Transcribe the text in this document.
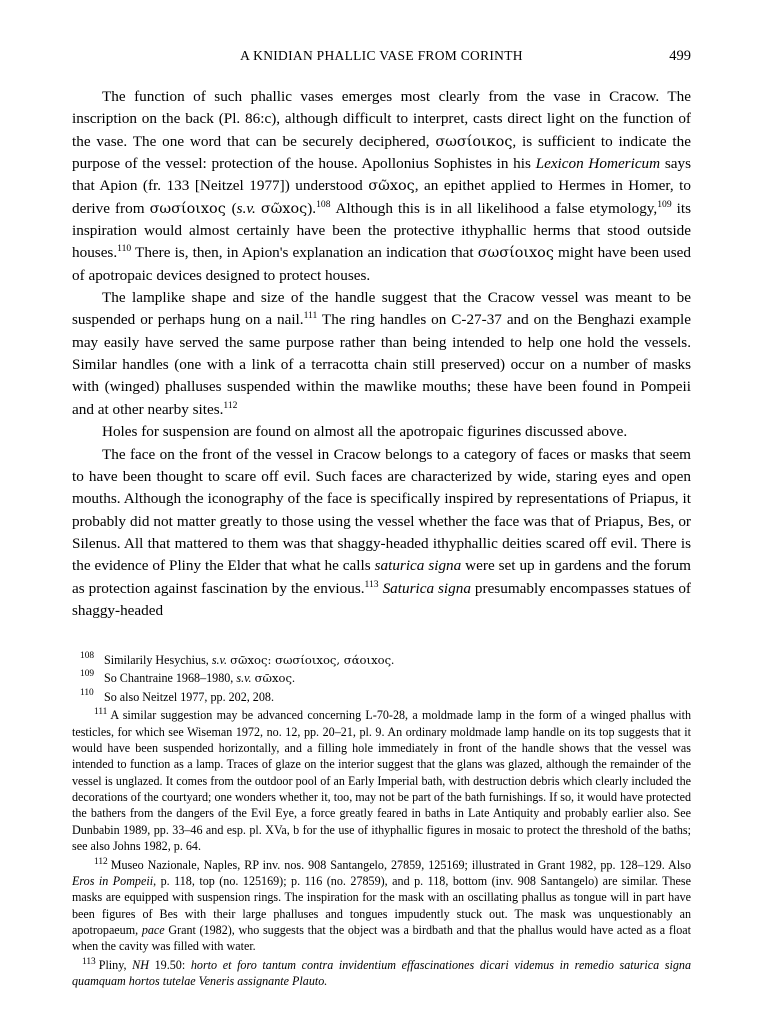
A KNIDIAN PHALLIC VASE FROM CORINTH	499

The function of such phallic vases emerges most clearly from the vase in Cracow. The inscription on the back (Pl. 86:c), although difficult to interpret, casts direct light on the function of the vase. The one word that can be securely deciphered, σωσίοικος, is sufficient to indicate the purpose of the vessel: protection of the house. Apollonius Sophistes in his Lexicon Homericum says that Apion (fr. 133 [Neitzel 1977]) understood σῶxος, an epithet applied to Hermes in Homer, to derive from σωσίοιxος (s.v. σῶxος).$^{108}$ Although this is in all likelihood a false etymology,$^{109}$ its inspiration would almost certainly have been the protective ithyphallic herms that stood outside houses.$^{110}$ There is, then, in Apion's explanation an indication that σωσίοιxος might have been used of apotropaic devices designed to protect houses.

The lamplike shape and size of the handle suggest that the Cracow vessel was meant to be suspended or perhaps hung on a nail.$^{111}$ The ring handles on C-27-37 and on the Benghazi example may easily have served the same purpose rather than being intended to help one hold the vessels. Similar handles (one with a link of a terracotta chain still preserved) occur on a number of masks with (winged) phalluses suspended within the mawlike mouths; these have been found in Pompeii and at other nearby sites.$^{112}$

Holes for suspension are found on almost all the apotropaic figurines discussed above.

The face on the front of the vessel in Cracow belongs to a category of faces or masks that seem to have been thought to scare off evil. Such faces are characterized by wide, staring eyes and open mouths. Although the iconography of the face is specifically inspired by representations of Priapus, it probably did not matter greatly to those using the vessel whether the face was that of Priapus, Bes, or Silenus. All that mattered to them was that shaggy-headed ithyphallic deities scared off evil. There is the evidence of Pliny the Elder that what he calls saturica signa were set up in gardens and the forum as protection against fascination by the envious.$^{113}$ Saturica signa presumably encompasses statues of shaggy-headed

108 Similarily Hesychius, s.v. σῶxος: σωσίοιxος, σάοιxος.
109 So Chantraine 1968–1980, s.v. σῶxος.
110 So also Neitzel 1977, pp. 202, 208.
$^{111}$ A similar suggestion may be advanced concerning L-70-28, a moldmade lamp in the form of a winged phallus with testicles, for which see Wiseman 1972, no. 12, pp. 20–21, pl. 9. An ordinary moldmade lamp handle on its top suggests that it would have been suspended horizontally, and a filling hole immediately in front of the handle shows that the vessel was intended to function as a lamp. Traces of glaze on the interior suggest that the glans was glazed, although the remainder of the vessel is unglazed. It comes from the outdoor pool of an Early Imperial bath, with destruction debris which clearly included the decorations of the courtyard; one wonders whether it, too, may not be part of the bath furnishings. If so, it would have protected the bathers from the dangers of the Evil Eye, a force greatly feared in baths in Late Antiquity and probably earlier also. See Dunbabin 1989, pp. 33–46 and esp. pl. XVa, b for the use of ithyphallic figures in mosaic to protect the threshold of the baths; see also Johns 1982, p. 64.
$^{112}$ Museo Nazionale, Naples, RP inv. nos. 908 Santangelo, 27859, 125169; illustrated in Grant 1982, pp. 128–129. Also Eros in Pompeii, p. 118, top (no. 125169); p. 116 (no. 27859), and p. 118, bottom (inv. 908 Santangelo) are similar. These masks are equipped with suspension rings. The inspiration for the mask with an oscillating phallus as tongue will in part have been figures of Bes with their large phalluses and tongues impudently stuck out. The mask was unquestionably an apotropaeum, pace Grant (1982), who suggests that the object was a birdbath and that the phallus would have acted as a float when the cavity was filled with water.
$^{113}$ Pliny, NH 19.50: horto et foro tantum contra invidentium effascinationes dicari videmus in remedio saturica signa quamquam hortos tutelae Veneris assignante Plauto.
